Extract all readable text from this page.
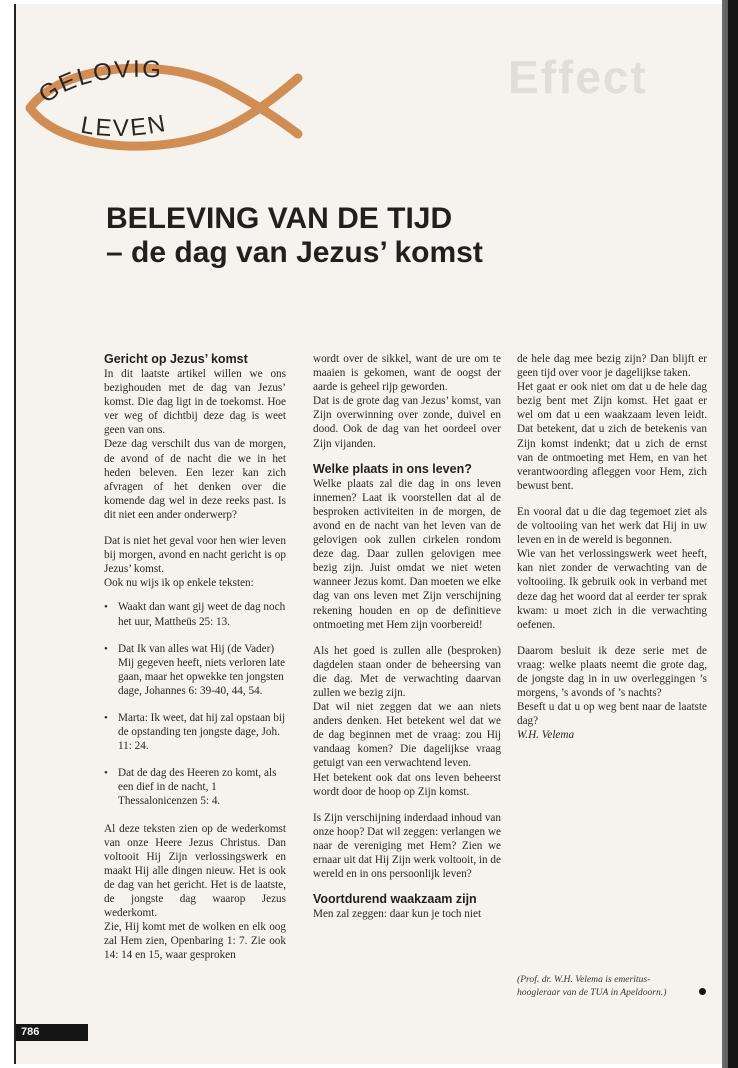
Effect
GELOVIG
LEVEN
BELEVING VAN DE TIJD
– de dag van Jezus’ komst
Gericht op Jezus’ komst

In dit laatste artikel willen we ons bezighouden met de dag van Jezus’ komst. Die dag ligt in de toekomst. Hoe ver weg of dichtbij deze dag is weet geen van ons.

Deze dag verschilt dus van de morgen, de avond of de nacht die we in het heden beleven. Een lezer kan zich afvragen of het denken over die komende dag wel in deze reeks past. Is dit niet een ander onderwerp?

Dat is niet het geval voor hen wier leven bij morgen, avond en nacht gericht is op Jezus’ komst.

Ook nu wijs ik op enkele teksten:

• Waakt dan want gij weet de dag noch het uur, Mattheüs 25: 13.
• Dat Ik van alles wat Hij (de Vader) Mij gegeven heeft, niets verloren late gaan, maar het opwekke ten jongsten dage, Johannes 6: 39-40, 44, 54.
• Marta: Ik weet, dat hij zal opstaan bij de opstanding ten jongste dage, Joh. 11: 24.
• Dat de dag des Heeren zo komt, als een dief in de nacht, 1 Thessalonicenzen 5: 4.

Al deze teksten zien op de wederkomst van onze Heere Jezus Christus. Dan voltooit Hij Zijn verlossingswerk en maakt Hij alle dingen nieuw. Het is ook de dag van het gericht. Het is de laatste, de jongste dag waarop Jezus wederkomt.

Zie, Hij komt met de wolken en elk oog zal Hem zien, Openbaring 1: 7. Zie ook 14: 14 en 15, waar gesproken

wordt over de sikkel, want de ure om te maaien is gekomen, want de oogst der aarde is geheel rijp geworden.

Dat is de grote dag van Jezus’ komst, van Zijn overwinning over zonde, duivel en dood. Ook de dag van het oordeel over Zijn vijanden.

Welke plaats in ons leven?

Welke plaats zal die dag in ons leven innemen? Laat ik voorstellen dat al de besproken activiteiten in de morgen, de avond en de nacht van het leven van de gelovigen ook zullen cirkelen rondom deze dag. Daar zullen gelovigen mee bezig zijn. Juist omdat we niet weten wanneer Jezus komt. Dan moeten we elke dag van ons leven met Zijn verschijning rekening houden en op de definitieve ontmoeting met Hem zijn voorbereid!

Als het goed is zullen alle (besproken) dagdelen staan onder de beheersing van die dag. Met de verwachting daarvan zullen we bezig zijn.

Dat wil niet zeggen dat we aan niets anders denken. Het betekent wel dat we de dag beginnen met de vraag: zou Hij vandaag komen? Die dagelijkse vraag getuigt van een verwachtend leven.

Het betekent ook dat ons leven beheerst wordt door de hoop op Zijn komst.

Is Zijn verschijning inderdaad inhoud van onze hoop? Dat wil zeggen: verlangen we naar de vereniging met Hem? Zien we ernaar uit dat Hij Zijn werk voltooit, in de wereld en in ons persoonlijk leven?

Voortdurend waakzaam zijn

Men zal zeggen: daar kun je toch niet

de hele dag mee bezig zijn? Dan blijft er geen tijd over voor je dagelijkse taken.

Het gaat er ook niet om dat u de hele dag bezig bent met Zijn komst. Het gaat er wel om dat u een waakzaam leven leidt. Dat betekent, dat u zich de betekenis van Zijn komst indenkt; dat u zich de ernst van de ontmoeting met Hem, en van het verantwoording afleggen voor Hem, zich bewust bent.

En vooral dat u die dag tegemoet ziet als de voltooiing van het werk dat Hij in uw leven en in de wereld is begonnen.

Wie van het verlossingswerk weet heeft, kan niet zonder de verwachting van de voltooiing. Ik gebruik ook in verband met deze dag het woord dat al eerder ter sprak kwam: u moet zich in die verwachting oefenen.

Daarom besluit ik deze serie met de vraag: welke plaats neemt die grote dag, de jongste dag in in uw overleggingen ’s morgens, ’s avonds of ’s nachts?

Beseft u dat u op weg bent naar de laatste dag?

W.H. Velema

(Prof. dr. W.H. Velema is emeritus-
hoogleraar van de TUA in Apeldoorn.)
786
